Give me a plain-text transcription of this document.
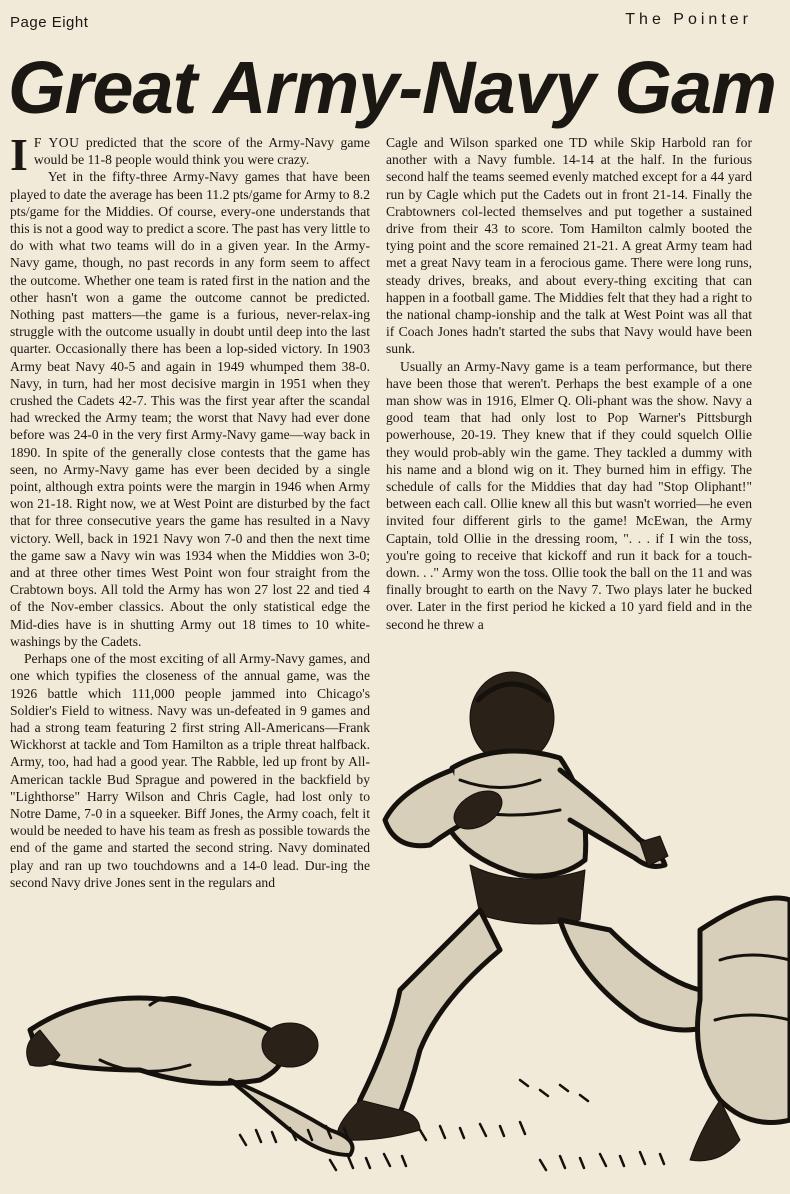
Page Eight	The Pointer
Great Army-Navy Gam

I F YOU predicted that the score of the Army-Navy game would be 11-8 people would think you were crazy.

Yet in the fifty-three Army-Navy games that have been played to date the average has been 11.2 pts/game for Army to 8.2 pts/game for the Middies. Of course, every-one understands that this is not a good way to predict a score. The past has very little to do with what two teams will do in a given year. In the Army-Navy game, though, no past records in any form seem to affect the outcome. Whether one team is rated first in the nation and the other hasn't won a game the outcome cannot be predicted. Nothing past matters—the game is a furious, never-relax-ing struggle with the outcome usually in doubt until deep into the last quarter. Occasionally there has been a lop-sided victory. In 1903 Army beat Navy 40-5 and again in 1949 whumped them 38-0. Navy, in turn, had her most decisive margin in 1951 when they crushed the Cadets 42-7. This was the first year after the scandal had wrecked the Army team; the worst that Navy had ever done before was 24-0 in the very first Army-Navy game—way back in 1890. In spite of the generally close contests that the game has seen, no Army-Navy game has ever been decided by a single point, although extra points were the margin in 1946 when Army won 21-18. Right now, we at West Point are disturbed by the fact that for three consecutive years the game has resulted in a Navy victory. Well, back in 1921 Navy won 7-0 and then the next time the game saw a Navy win was 1934 when the Middies won 3-0; and at three other times West Point won four straight from the Crabtown boys. All told the Army has won 27 lost 22 and tied 4 of the Nov-ember classics. About the only statistical edge the Mid-dies have is in shutting Army out 18 times to 10 white-washings by the Cadets.

Perhaps one of the most exciting of all Army-Navy games, and one which typifies the closeness of the annual game, was the 1926 battle which 111,000 people jammed into Chicago's Soldier's Field to witness. Navy was un-defeated in 9 games and had a strong team featuring 2 first string All-Americans—Frank Wickhorst at tackle and Tom Hamilton as a triple threat halfback. Army, too, had had a good year. The Rabble, led up front by All-American tackle Bud Sprague and powered in the backfield by "Lighthorse" Harry Wilson and Chris Cagle, had lost only to Notre Dame, 7-0 in a squeeker. Biff Jones, the Army coach, felt it would be needed to have his team as fresh as possible towards the end of the game and started the second string. Navy dominated play and ran up two touchdowns and a 14-0 lead. Dur-ing the second Navy drive Jones sent in the regulars and

Cagle and Wilson sparked one TD while Skip Harbold ran for another with a Navy fumble. 14-14 at the half. In the furious second half the teams seemed evenly matched except for a 44 yard run by Cagle which put the Cadets out in front 21-14. Finally the Crabtowners col-lected themselves and put together a sustained drive from their 43 to score. Tom Hamilton calmly booted the tying point and the score remained 21-21. A great Army team had met a great Navy team in a ferocious game. There were long runs, steady drives, breaks, and about every-thing exciting that can happen in a football game. The Middies felt that they had a right to the national champ-ionship and the talk at West Point was all that if Coach Jones hadn't started the subs that Navy would have been sunk.

Usually an Army-Navy game is a team performance, but there have been those that weren't. Perhaps the best example of a one man show was in 1916, Elmer Q. Oli-phant was the show. Navy a good team that had only lost to Pop Warner's Pittsburgh powerhouse, 20-19. They knew that if they could squelch Ollie they would prob-ably win the game. They tackled a dummy with his name and a blond wig on it. They burned him in effigy. The schedule of calls for the Middies that day had "Stop Oliphant!" between each call. Ollie knew all this but wasn't worried—he even invited four different girls to the game! McEwan, the Army Captain, told Ollie in the dressing room, ". . . if I win the toss, you're going to receive that kickoff and run it back for a touch-down. . ." Army won the toss. Ollie took the ball on the 11 and was finally brought to earth on the Navy 7. Two plays later he bucked over. Later in the first period he kicked a 10 yard field and in the second he threw a
